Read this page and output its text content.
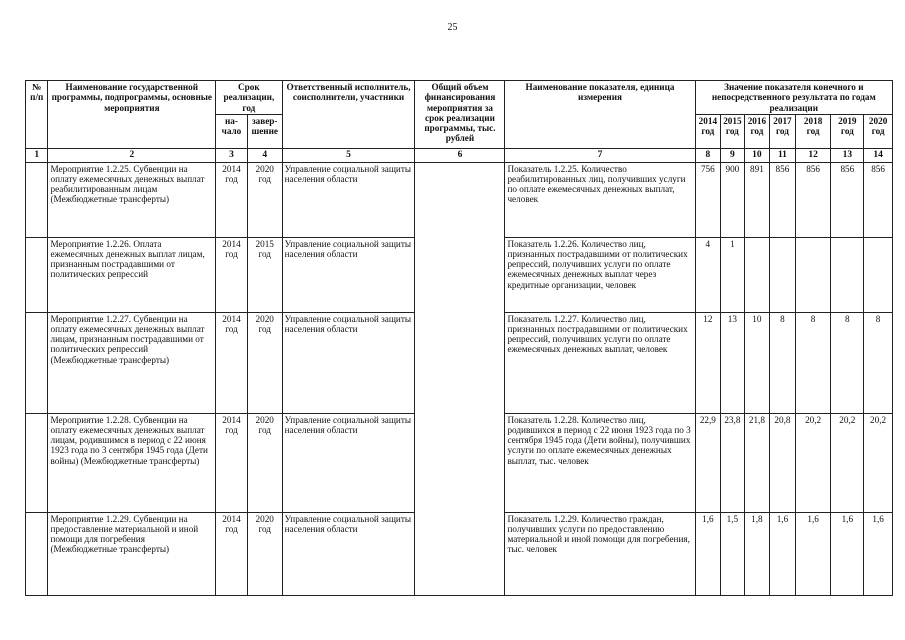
25
№ п/п	Наименование государственной программы, подпрограммы, основные мероприятия	Срок реализации, год		Ответственный исполнитель, соисполнители, участники	Общий объем финансирования мероприятия за срок реализации программы, тыс. рублей	Наименование показателя, единица измерения	Значение показателя конечного и непосредственного результата по годам реализации						
		на-чало	завер-шение				2014 год	2015 год	2016 год	2017 год	2018 год	2019 год	2020 год
1	2	3	4	5	6	7	8	9	10	11	12	13	14
	Мероприятие 1.2.25. Субвенции на оплату ежемесячных денежных выплат реабилитированным лицам (Межбюджетные трансферты)	2014 год	2020 год	Управление социальной защиты населения области		Показатель 1.2.25. Количество реабилитированных лиц, получивших услуги по оплате ежемесячных денежных выплат, человек	756	900	891	856	856	856	856
	Мероприятие 1.2.26. Оплата ежемесячных денежных выплат лицам, признанным пострадавшими от политических репрессий	2014 год	2015 год	Управление социальной защиты населения области		Показатель 1.2.26. Количество лиц, признанных пострадавшими от политических репрессий, получивших услуги по оплате ежемесячных денежных выплат через кредитные организации, человек	4	1					
	Мероприятие 1.2.27. Субвенции на оплату ежемесячных денежных выплат лицам, признанным пострадавшими от политических репрессий (Межбюджетные трансферты)	2014 год	2020 год	Управление социальной защиты населения области		Показатель 1.2.27. Количество лиц, признанных пострадавшими от политических репрессий, получивших услуги по оплате ежемесячных денежных выплат, человек	12	13	10	8	8	8	8
	Мероприятие 1.2.28. Субвенции на оплату ежемесячных денежных выплат лицам, родившимся в период с 22 июня 1923 года по 3 сентября 1945 года (Дети войны) (Межбюджетные трансферты)	2014 год	2020 год	Управление социальной защиты населения области		Показатель 1.2.28. Количество лиц, родившихся в период с 22 июня 1923 года по 3 сентября 1945 года (Дети войны), получивших услуги по оплате ежемесячных денежных выплат, тыс. человек	22,9	23,8	21,8	20,8	20,2	20,2	20,2
	Мероприятие 1.2.29. Субвенции на предоставление материальной и иной помощи для погребения (Межбюджетные трансферты)	2014 год	2020 год	Управление социальной защиты населения области		Показатель 1.2.29. Количество граждан, получивших услуги по предоставлению материальной и иной помощи для погребения, тыс. человек	1,6	1,5	1,8	1,6	1,6	1,6	1,6
